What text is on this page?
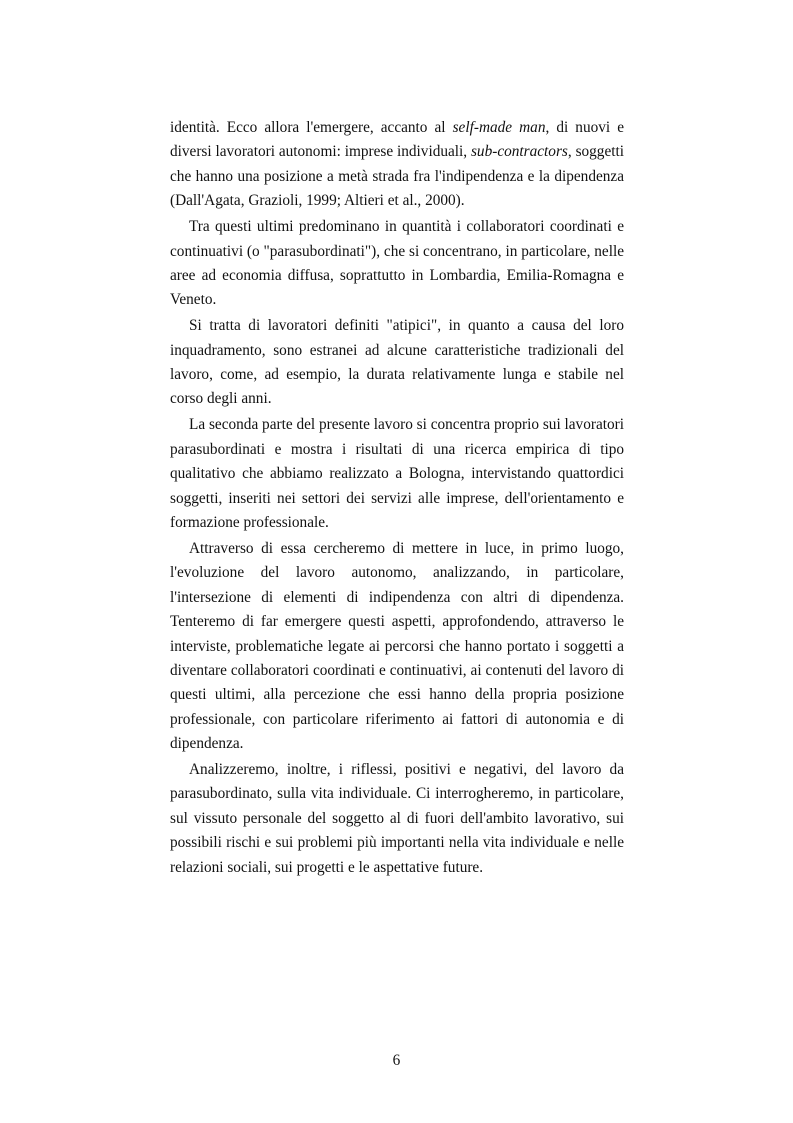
identità. Ecco allora l'emergere, accanto al self-made man, di nuovi e diversi lavoratori autonomi: imprese individuali, sub-contractors, soggetti che hanno una posizione a metà strada fra l'indipendenza e la dipendenza (Dall'Agata, Grazioli, 1999; Altieri et al., 2000).

Tra questi ultimi predominano in quantità i collaboratori coordinati e continuativi (o "parasubordinati"), che si concentrano, in particolare, nelle aree ad economia diffusa, soprattutto in Lombardia, Emilia-Romagna e Veneto.

Si tratta di lavoratori definiti "atipici", in quanto a causa del loro inquadramento, sono estranei ad alcune caratteristiche tradizionali del lavoro, come, ad esempio, la durata relativamente lunga e stabile nel corso degli anni.

La seconda parte del presente lavoro si concentra proprio sui lavoratori parasubordinati e mostra i risultati di una ricerca empirica di tipo qualitativo che abbiamo realizzato a Bologna, intervistando quattordici soggetti, inseriti nei settori dei servizi alle imprese, dell'orientamento e formazione professionale.

Attraverso di essa cercheremo di mettere in luce, in primo luogo, l'evoluzione del lavoro autonomo, analizzando, in particolare, l'intersezione di elementi di indipendenza con altri di dipendenza. Tenteremo di far emergere questi aspetti, approfondendo, attraverso le interviste, problematiche legate ai percorsi che hanno portato i soggetti a diventare collaboratori coordinati e continuativi, ai contenuti del lavoro di questi ultimi, alla percezione che essi hanno della propria posizione professionale, con particolare riferimento ai fattori di autonomia e di dipendenza.

Analizzeremo, inoltre, i riflessi, positivi e negativi, del lavoro da parasubordinato, sulla vita individuale. Ci interrogheremo, in particolare, sul vissuto personale del soggetto al di fuori dell'ambito lavorativo, sui possibili rischi e sui problemi più importanti nella vita individuale e nelle relazioni sociali, sui progetti e le aspettative future.

6
